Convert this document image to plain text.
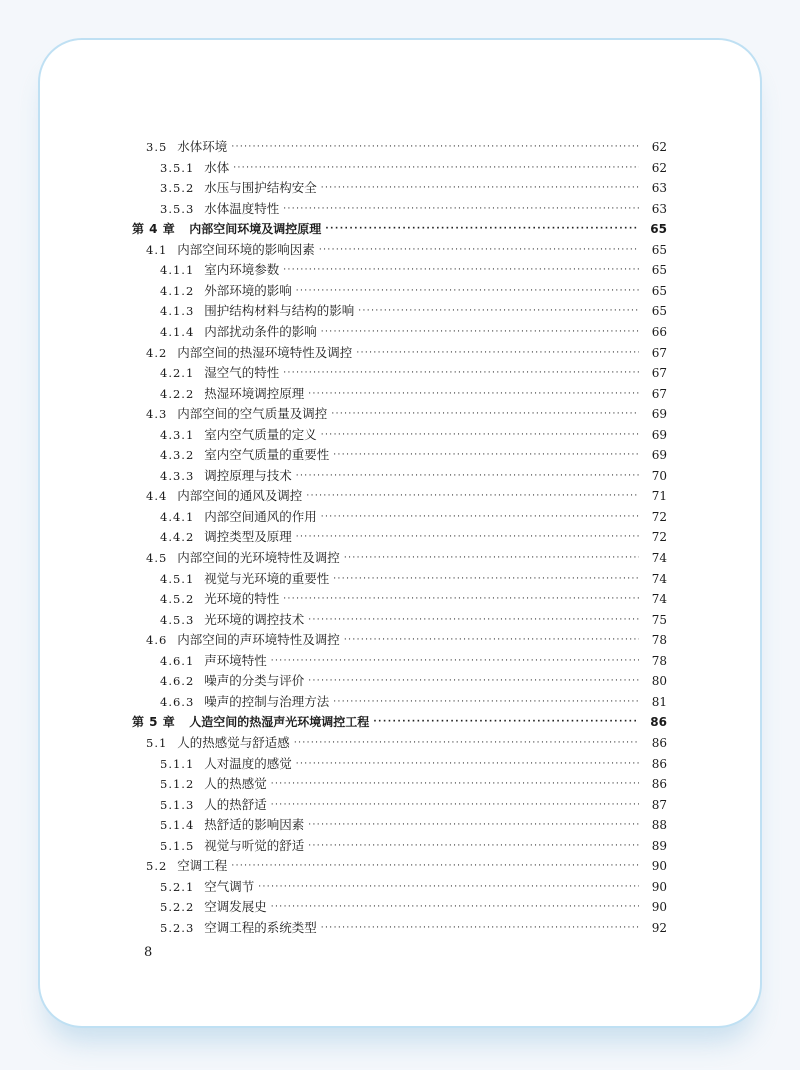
3.5 水体环境 ·····	62
3.5.1 水体 ·····	62
3.5.2 水压与围护结构安全 ·····	63
3.5.3 水体温度特性 ·····	63
第 4 章 内部空间环境及调控原理 ·····	65
4.1 内部空间环境的影响因素 ·····	65
4.1.1 室内环境参数 ·····	65
4.1.2 外部环境的影响 ·····	65
4.1.3 围护结构材料与结构的影响 ·····	65
4.1.4 内部扰动条件的影响 ·····	66
4.2 内部空间的热湿环境特性及调控 ·····	67
4.2.1 湿空气的特性 ·····	67
4.2.2 热湿环境调控原理 ·····	67
4.3 内部空间的空气质量及调控 ·····	69
4.3.1 室内空气质量的定义 ·····	69
4.3.2 室内空气质量的重要性 ·····	69
4.3.3 调控原理与技术 ·····	70
4.4 内部空间的通风及调控 ·····	71
4.4.1 内部空间通风的作用 ·····	72
4.4.2 调控类型及原理 ·····	72
4.5 内部空间的光环境特性及调控 ·····	74
4.5.1 视觉与光环境的重要性 ·····	74
4.5.2 光环境的特性 ·····	74
4.5.3 光环境的调控技术 ·····	75
4.6 内部空间的声环境特性及调控 ·····	78
4.6.1 声环境特性 ·····	78
4.6.2 噪声的分类与评价 ·····	80
4.6.3 噪声的控制与治理方法 ·····	81
第 5 章 人造空间的热湿声光环境调控工程 ·····	86
5.1 人的热感觉与舒适感 ·····	86
5.1.1 人对温度的感觉 ·····	86
5.1.2 人的热感觉 ·····	86
5.1.3 人的热舒适 ·····	87
5.1.4 热舒适的影响因素 ·····	88
5.1.5 视觉与听觉的舒适 ·····	89
5.2 空调工程 ·····	90
5.2.1 空气调节 ·····	90
5.2.2 空调发展史 ·····	90
5.2.3 空调工程的系统类型 ·····	92
8
